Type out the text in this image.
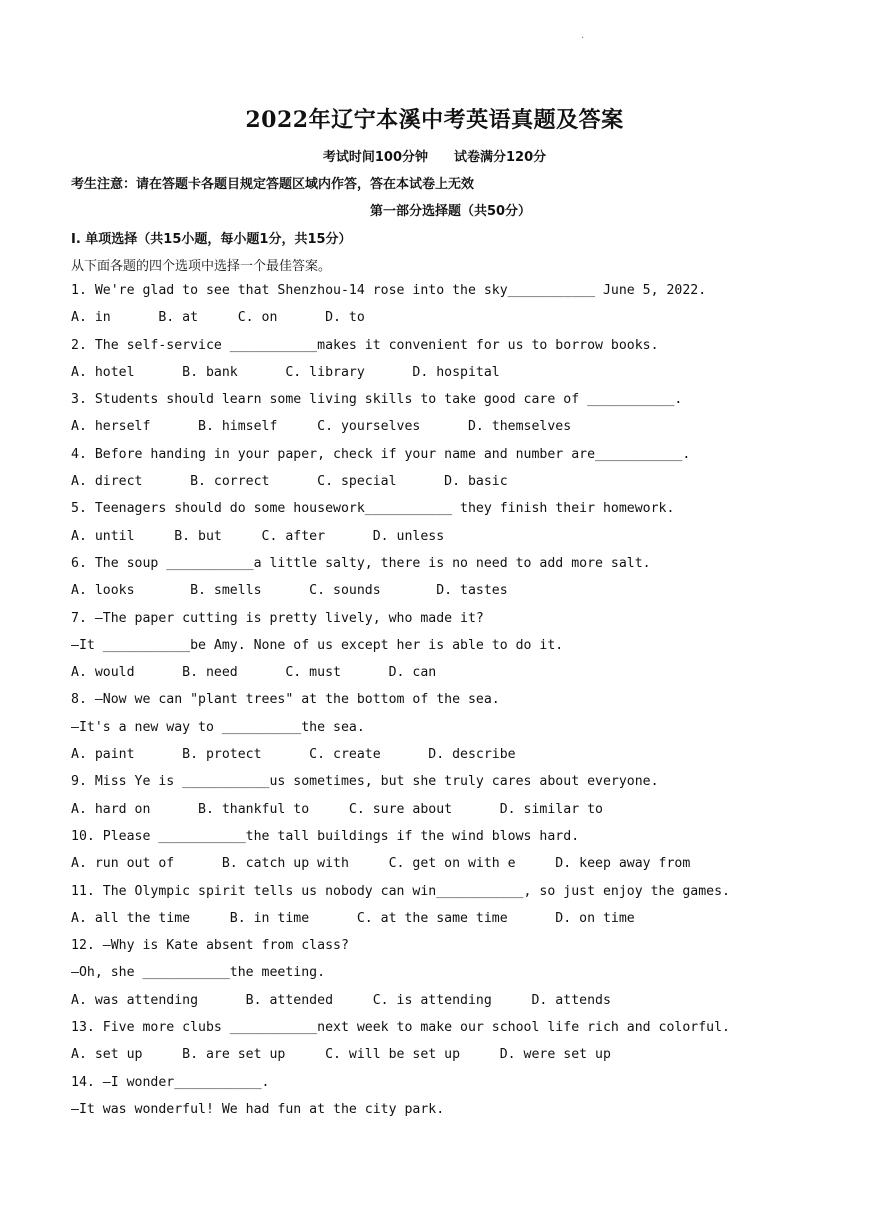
·
2022年辽宁本溪中考英语真题及答案
考试时间100分钟 试卷满分120分
考生注意：请在答题卡各题目规定答题区域内作答，答在本试卷上无效
第一部分选择题（共50分）
I. 单项选择（共15小题，每小题1分，共15分）
从下面各题的四个选项中选择一个最佳答案。
1. We're glad to see that Shenzhou-14 rose into the sky___________ June 5, 2022.
A. in      B. at     C. on      D. to
2. The self-service ___________makes it convenient for us to borrow books.
A. hotel      B. bank      C. library      D. hospital
3. Students should learn some living skills to take good care of ___________.
A. herself      B. himself     C. yourselves      D. themselves
4. Before handing in your paper, check if your name and number are___________.
A. direct      B. correct      C. special      D. basic
5. Teenagers should do some housework___________ they finish their homework.
A. until     B. but     C. after      D. unless
6. The soup ___________a little salty, there is no need to add more salt.
A. looks       B. smells      C. sounds       D. tastes
7. —The paper cutting is pretty lively, who made it?
—It ___________be Amy. None of us except her is able to do it.
A. would      B. need      C. must      D. can
8. —Now we can "plant trees" at the bottom of the sea.
—It's a new way to __________the sea.
A. paint      B. protect      C. create      D. describe
9. Miss Ye is ___________us sometimes, but she truly cares about everyone.
A. hard on      B. thankful to     C. sure about      D. similar to
10. Please ___________the tall buildings if the wind blows hard.
A. run out of      B. catch up with     C. get on with e     D. keep away from
11. The Olympic spirit tells us nobody can win___________, so just enjoy the games.
A. all the time     B. in time      C. at the same time      D. on time
12. —Why is Kate absent from class?
—Oh, she ___________the meeting.
A. was attending      B. attended     C. is attending     D. attends
13. Five more clubs ___________next week to make our school life rich and colorful.
A. set up     B. are set up     C. will be set up     D. were set up
14. —I wonder___________.
—It was wonderful! We had fun at the city park.
